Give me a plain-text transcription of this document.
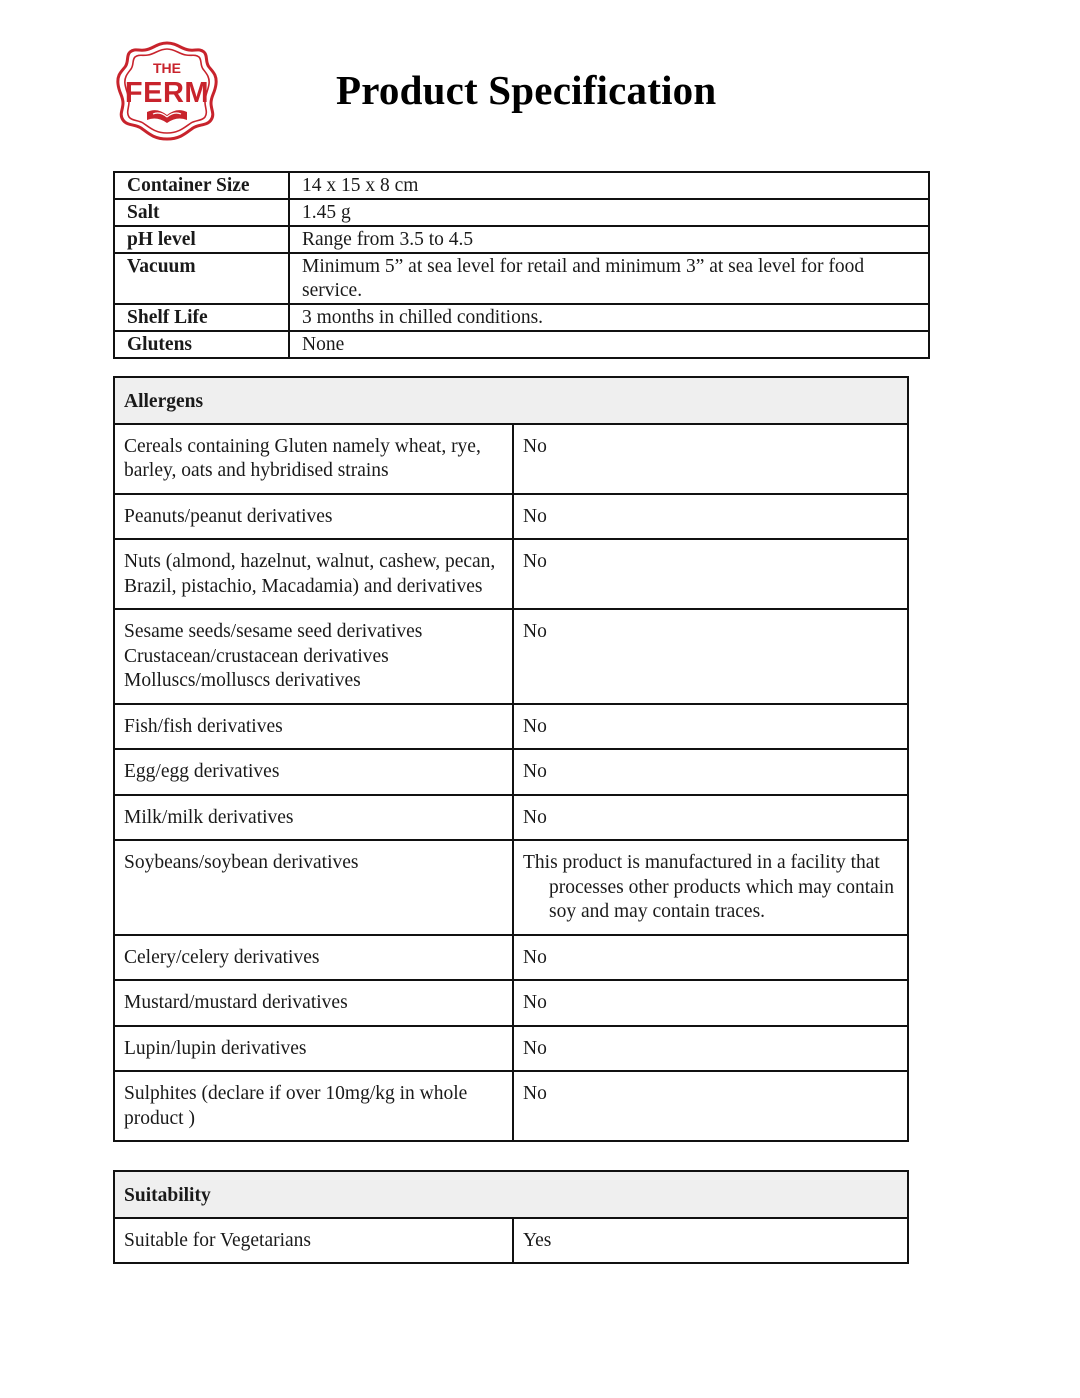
THE
FERM	Product Specification
Container Size	14 x 15 x 8 cm
Salt	1.45 g
pH level	Range from 3.5 to 4.5
Vacuum	Minimum 5” at sea level for retail and minimum 3” at sea level for food service.
Shelf Life	3 months in chilled conditions.
Glutens	None
Allergens	
Cereals containing Gluten namely wheat, rye, barley, oats and hybridised strains	No
Peanuts/peanut derivatives	No
Nuts (almond, hazelnut, walnut, cashew, pecan, Brazil, pistachio, Macadamia) and derivatives	No

Sesame seeds/sesame seed derivatives
Crustacean/crustacean derivatives
Molluscs/molluscs derivatives	No
Fish/fish derivatives	No
Egg/egg derivatives	No
Milk/milk derivatives	No
Soybeans/soybean derivatives	This product is manufactured in a facility that processes other products which may contain soy and may contain traces.

Celery/celery derivatives	No
Mustard/mustard derivatives	No
Lupin/lupin derivatives	No
Sulphites (declare if over 10mg/kg in whole product )	No
Suitability
Suitable for Vegetarians	Yes
